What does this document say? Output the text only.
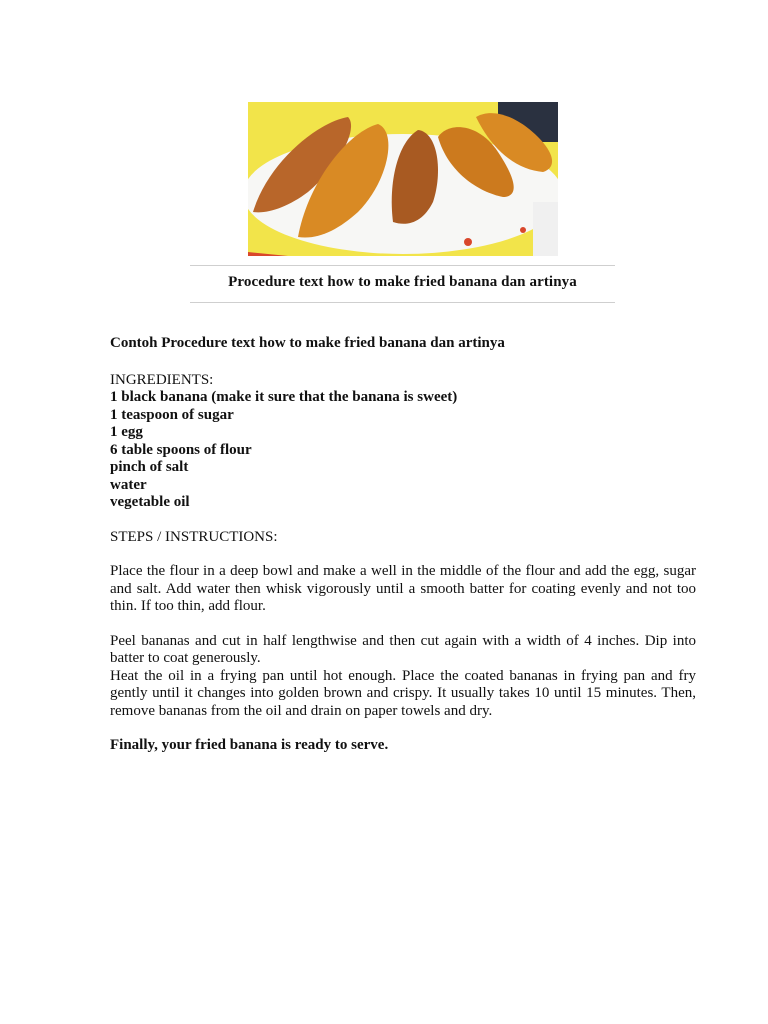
Procedure text how to make fried banana dan artinya
Contoh Procedure text how to make fried banana dan artinya
INGREDIENTS:
1 black banana (make it sure that the banana is sweet)
1 teaspoon of sugar
1 egg
6 table spoons of flour
pinch of salt
water
vegetable oil
STEPS / INSTRUCTIONS:

Place the flour in a deep bowl and make a well in the middle of the flour and add the egg, sugar and salt. Add water then whisk vigorously until a smooth batter for coating evenly and not too thin. If too thin, add flour.

Peel bananas and cut in half lengthwise and then cut again with a width of 4 inches. Dip into batter to coat generously.

Heat the oil in a frying pan until hot enough. Place the coated bananas in frying pan and fry gently until it changes into golden brown and crispy. It usually takes 10 until 15 minutes. Then, remove bananas from the oil and drain on paper towels and dry.

Finally, your fried banana is ready to serve.
